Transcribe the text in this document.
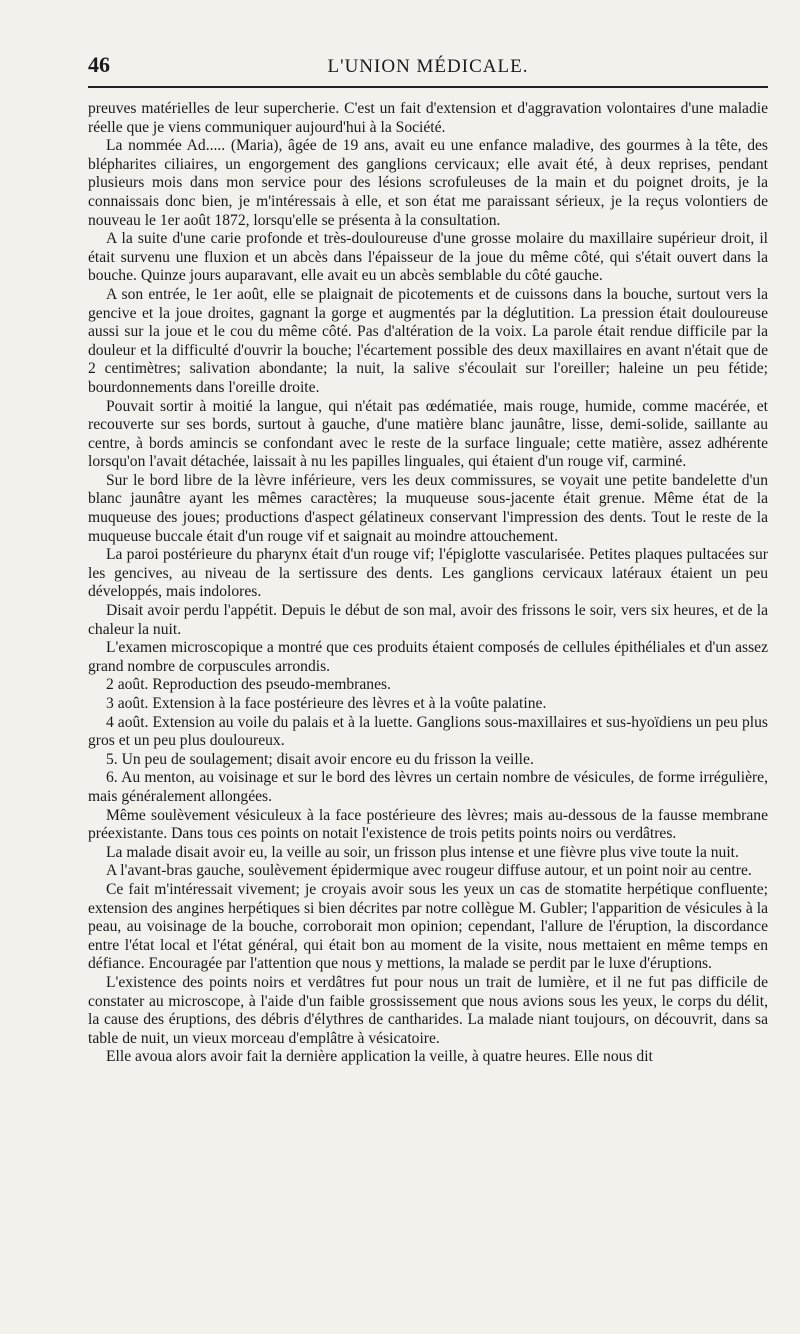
46	L'UNION MÉDICALE.

preuves matérielles de leur supercherie. C'est un fait d'extension et d'aggravation volontaires d'une maladie réelle que je viens communiquer aujourd'hui à la Société.

La nommée Ad..... (Maria), âgée de 19 ans, avait eu une enfance maladive, des gourmes à la tête, des blépharites ciliaires, un engorgement des ganglions cervicaux; elle avait été, à deux reprises, pendant plusieurs mois dans mon service pour des lésions scrofuleuses de la main et du poignet droits, je la connaissais donc bien, je m'intéressais à elle, et son état me paraissant sérieux, je la reçus volontiers de nouveau le 1er août 1872, lorsqu'elle se présenta à la consultation.

A la suite d'une carie profonde et très-douloureuse d'une grosse molaire du maxillaire supérieur droit, il était survenu une fluxion et un abcès dans l'épaisseur de la joue du même côté, qui s'était ouvert dans la bouche. Quinze jours auparavant, elle avait eu un abcès semblable du côté gauche.

A son entrée, le 1er août, elle se plaignait de picotements et de cuissons dans la bouche, surtout vers la gencive et la joue droites, gagnant la gorge et augmentés par la déglutition. La pression était douloureuse aussi sur la joue et le cou du même côté. Pas d'altération de la voix. La parole était rendue difficile par la douleur et la difficulté d'ouvrir la bouche; l'écartement possible des deux maxillaires en avant n'était que de 2 centimètres; salivation abondante; la nuit, la salive s'écoulait sur l'oreiller; haleine un peu fétide; bourdonnements dans l'oreille droite.

Pouvait sortir à moitié la langue, qui n'était pas œdématiée, mais rouge, humide, comme macérée, et recouverte sur ses bords, surtout à gauche, d'une matière blanc jaunâtre, lisse, demi-solide, saillante au centre, à bords amincis se confondant avec le reste de la surface linguale; cette matière, assez adhérente lorsqu'on l'avait détachée, laissait à nu les papilles linguales, qui étaient d'un rouge vif, carminé.

Sur le bord libre de la lèvre inférieure, vers les deux commissures, se voyait une petite bandelette d'un blanc jaunâtre ayant les mêmes caractères; la muqueuse sous-jacente était grenue. Même état de la muqueuse des joues; productions d'aspect gélatineux conservant l'impression des dents. Tout le reste de la muqueuse buccale était d'un rouge vif et saignait au moindre attouchement.

La paroi postérieure du pharynx était d'un rouge vif; l'épiglotte vascularisée. Petites plaques pultacées sur les gencives, au niveau de la sertissure des dents. Les ganglions cervicaux latéraux étaient un peu développés, mais indolores.

Disait avoir perdu l'appétit. Depuis le début de son mal, avoir des frissons le soir, vers six heures, et de la chaleur la nuit.

L'examen microscopique a montré que ces produits étaient composés de cellules épithéliales et d'un assez grand nombre de corpuscules arrondis.

2 août. Reproduction des pseudo-membranes.

3 août. Extension à la face postérieure des lèvres et à la voûte palatine.

4 août. Extension au voile du palais et à la luette. Ganglions sous-maxillaires et sus-hyoïdiens un peu plus gros et un peu plus douloureux.

5. Un peu de soulagement; disait avoir encore eu du frisson la veille.

6. Au menton, au voisinage et sur le bord des lèvres un certain nombre de vésicules, de forme irrégulière, mais généralement allongées.

Même soulèvement vésiculeux à la face postérieure des lèvres; mais au-dessous de la fausse membrane préexistante. Dans tous ces points on notait l'existence de trois petits points noirs ou verdâtres.

La malade disait avoir eu, la veille au soir, un frisson plus intense et une fièvre plus vive toute la nuit.

A l'avant-bras gauche, soulèvement épidermique avec rougeur diffuse autour, et un point noir au centre.

Ce fait m'intéressait vivement; je croyais avoir sous les yeux un cas de stomatite herpétique confluente; extension des angines herpétiques si bien décrites par notre collègue M. Gubler; l'apparition de vésicules à la peau, au voisinage de la bouche, corroborait mon opinion; cependant, l'allure de l'éruption, la discordance entre l'état local et l'état général, qui était bon au moment de la visite, nous mettaient en même temps en défiance. Encouragée par l'attention que nous y mettions, la malade se perdit par le luxe d'éruptions.

L'existence des points noirs et verdâtres fut pour nous un trait de lumière, et il ne fut pas difficile de constater au microscope, à l'aide d'un faible grossissement que nous avions sous les yeux, le corps du délit, la cause des éruptions, des débris d'élythres de cantharides. La malade niant toujours, on découvrit, dans sa table de nuit, un vieux morceau d'emplâtre à vésicatoire.

Elle avoua alors avoir fait la dernière application la veille, à quatre heures. Elle nous dit
